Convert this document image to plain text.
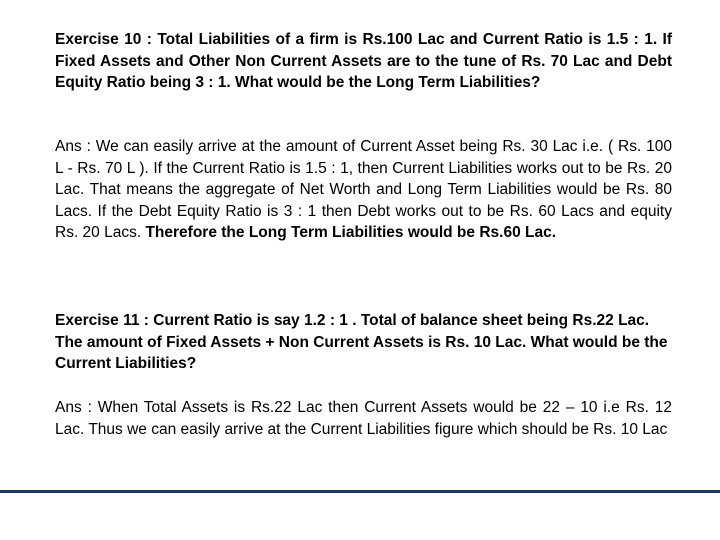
Exercise 10 : Total Liabilities of a firm is Rs.100 Lac and Current Ratio is 1.5 : 1. If Fixed Assets and Other Non Current Assets are to the tune of Rs. 70 Lac and Debt Equity Ratio being 3 : 1. What would be the Long Term Liabilities?

Ans : We can easily arrive at the amount of Current Asset being Rs. 30 Lac i.e. ( Rs. 100 L - Rs. 70 L ). If the Current Ratio is 1.5 : 1, then Current Liabilities works out to be Rs. 20 Lac. That means the aggregate of Net Worth and Long Term Liabilities would be Rs. 80 Lacs. If the Debt Equity Ratio is 3 : 1 then Debt works out to be Rs. 60 Lacs and equity Rs. 20 Lacs. Therefore the Long Term Liabilities would be Rs.60 Lac.

Exercise 11 : Current Ratio is say 1.2 : 1 . Total of balance sheet being Rs.22 Lac. The amount of Fixed Assets + Non Current Assets is Rs. 10 Lac. What would be the Current Liabilities?

Ans : When Total Assets is Rs.22 Lac then Current Assets would be 22 – 10 i.e Rs. 12 Lac. Thus we can easily arrive at the Current Liabilities figure which should be Rs. 10 Lac
